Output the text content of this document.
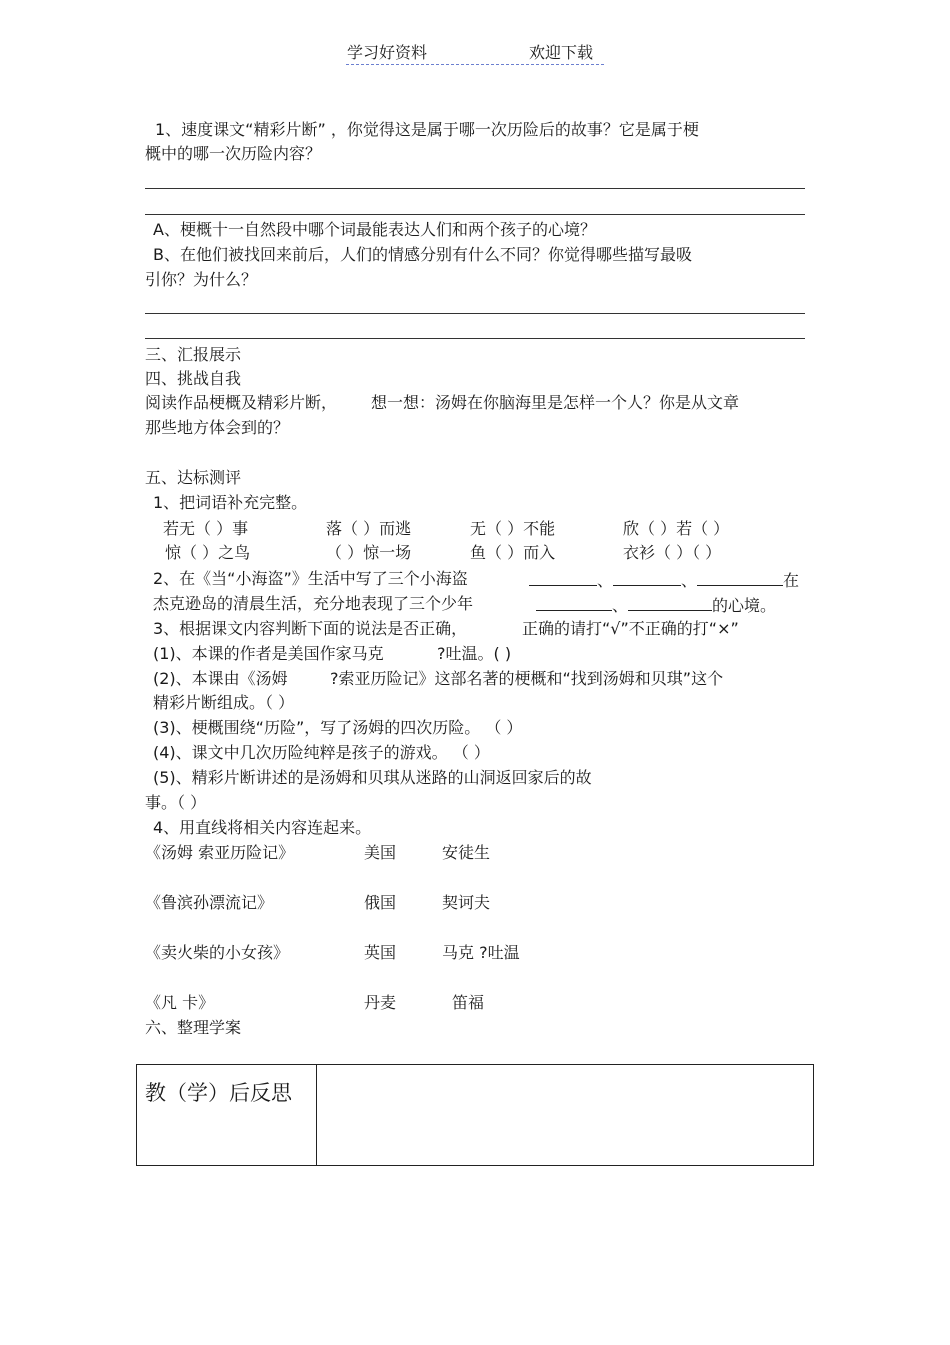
学习好资料	欢迎下载
1、速度课文“精彩片断” ，你觉得这是属于哪一次历险后的故事？它是属于梗
概中的哪一次历险内容？
A、梗概十一自然段中哪个词最能表达人们和两个孩子的心境？
B、在他们被找回来前后，人们的情感分别有什么不同？你觉得哪些描写最吸
引你？为什么？
三、汇报展示
四、挑战自我
阅读作品梗概及精彩片断， 想一想：汤姆在你脑海里是怎样一个人？你是从文章
那些地方体会到的？
五、达标测评
1、把词语补充完整。
若无（ ）事	落（ ）而逃	无（ ）不能	欣（ ）若（ ）
惊（ ）之鸟	（ ）惊一场	鱼（ ）而入	衣衫（ ）（ ）
2、在《当“小海盗”》生活中写了三个小海盗	、	、	在
杰克逊岛的清晨生活，充分地表现了三个少年	、	的心境。
3、根据课文内容判断下面的说法是否正确，	正确的请打“√”不正确的打“×”
(1)、本课的作者是美国作家马克	?吐温。( )
(2)、本课由《汤姆	?索亚历险记》这部名著的梗概和“找到汤姆和贝琪”这个
精彩片断组成。（ ）
(3)、梗概围绕“历险”，写了汤姆的四次历险。 （ ）
(4)、课文中几次历险纯粹是孩子的游戏。 （ ）
(5)、精彩片断讲述的是汤姆和贝琪从迷路的山洞返回家后的故
事。（ ）
4、用直线将相关内容连起来。
《汤姆 索亚历险记》	美国	安徒生
《鲁滨孙漂流记》	俄国	契诃夫
《卖火柴的小女孩》	英国	马克 ?吐温
《凡 卡》	丹麦	笛福
六、整理学案
教（学）后反思	
